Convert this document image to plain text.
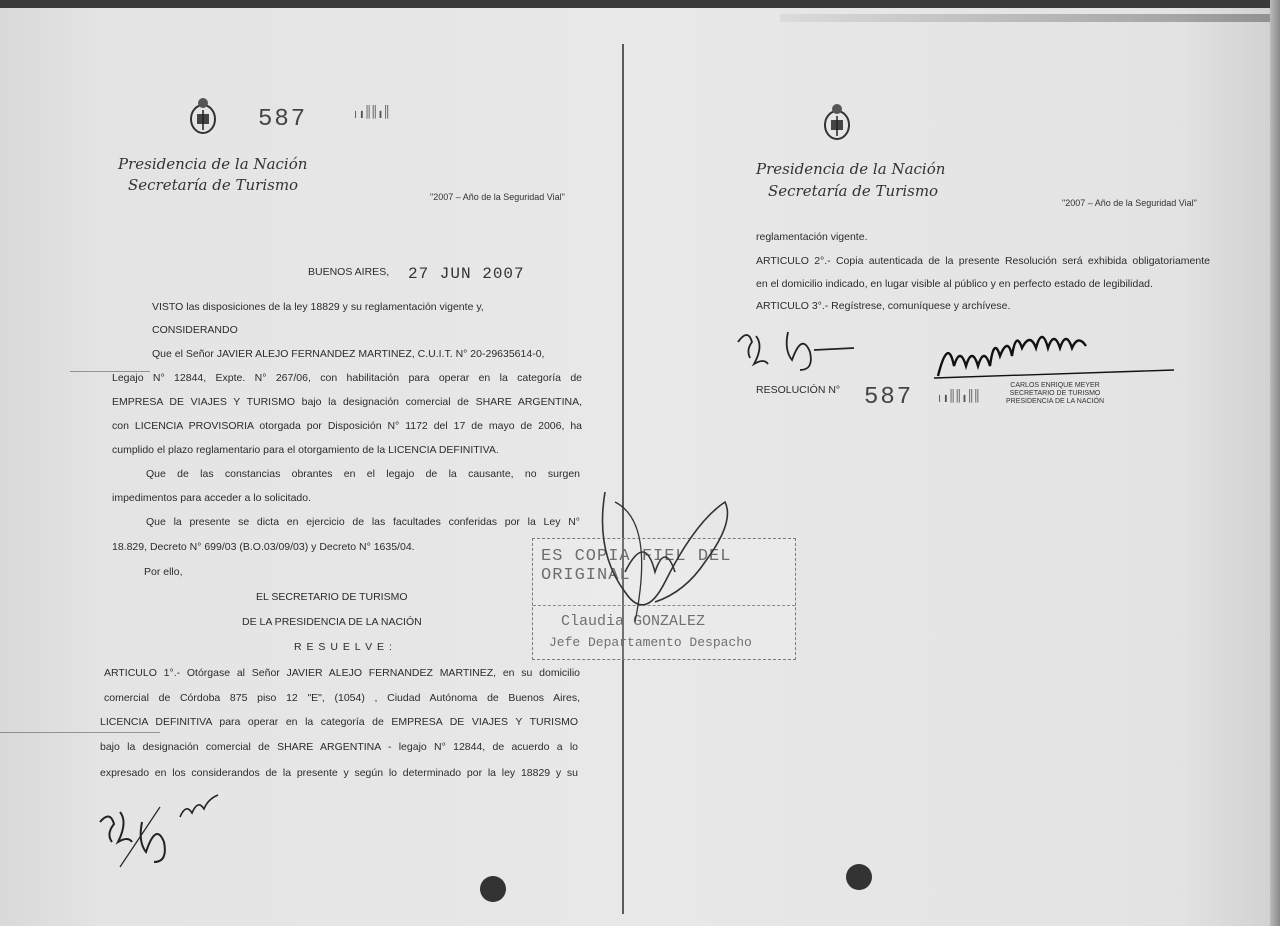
587	╷╻║║╻║
Presidencia de la Nación
Secretaría de Turismo
"2007 – Año de la Seguridad Vial"
BUENOS AIRES, 27 JUN 2007
VISTO las disposiciones de la ley 18829 y su reglamentación vigente y,
CONSIDERANDO
Que el Señor JAVIER ALEJO FERNANDEZ MARTINEZ, C.U.I.T. N° 20-29635614-0,
Legajo N° 12844, Expte. N° 267/06, con habilitación para operar en la categoría de
EMPRESA DE VIAJES Y TURISMO bajo la designación comercial de SHARE ARGENTINA,
con LICENCIA PROVISORIA otorgada por Disposición N° 1172 del 17 de mayo de 2006, ha
cumplido el plazo reglamentario para el otorgamiento de la LICENCIA DEFINITIVA.
Que de las constancias obrantes en el legajo de la causante, no surgen
impedimentos para acceder a lo solicitado.
Que la presente se dicta en ejercicio de las facultades conferidas por la Ley N°
18.829, Decreto N° 699/03 (B.O.03/09/03) y Decreto N° 1635/04.
Por ello,
EL SECRETARIO DE TURISMO
DE LA PRESIDENCIA DE LA NACIÓN
R E S U E L V E :
ARTICULO 1°.- Otórgase al Señor JAVIER ALEJO FERNANDEZ MARTINEZ, en su domicilio
comercial de Córdoba 875 piso 12 "E", (1054) , Ciudad Autónoma de Buenos Aires,
LICENCIA DEFINITIVA para operar en la categoría de EMPRESA DE VIAJES Y TURISMO
bajo la designación comercial de SHARE ARGENTINA - legajo N° 12844, de acuerdo a lo
expresado en los considerandos de la presente y según lo determinado por la ley 18829 y su
Presidencia de la Nación
Secretaría de Turismo
"2007 – Año de la Seguridad Vial"
reglamentación vigente.
ARTICULO 2°.- Copia autenticada de la presente Resolución será exhibida obligatoriamente
en el domicilio indicado, en lugar visible al público y en perfecto estado de legibilidad.
ARTICULO 3°.- Regístrese, comuníquese y archívese.
RESOLUCIÓN N° 587 ╷╻║║╻║║
CARLOS ENRIQUE MEYER
SECRETARIO DE TURISMO
PRESIDENCIA DE LA NACIÓN
ES COPIA FIEL DEL ORIGINAL
Claudia GONZALEZ
Jefe Departamento Despacho
